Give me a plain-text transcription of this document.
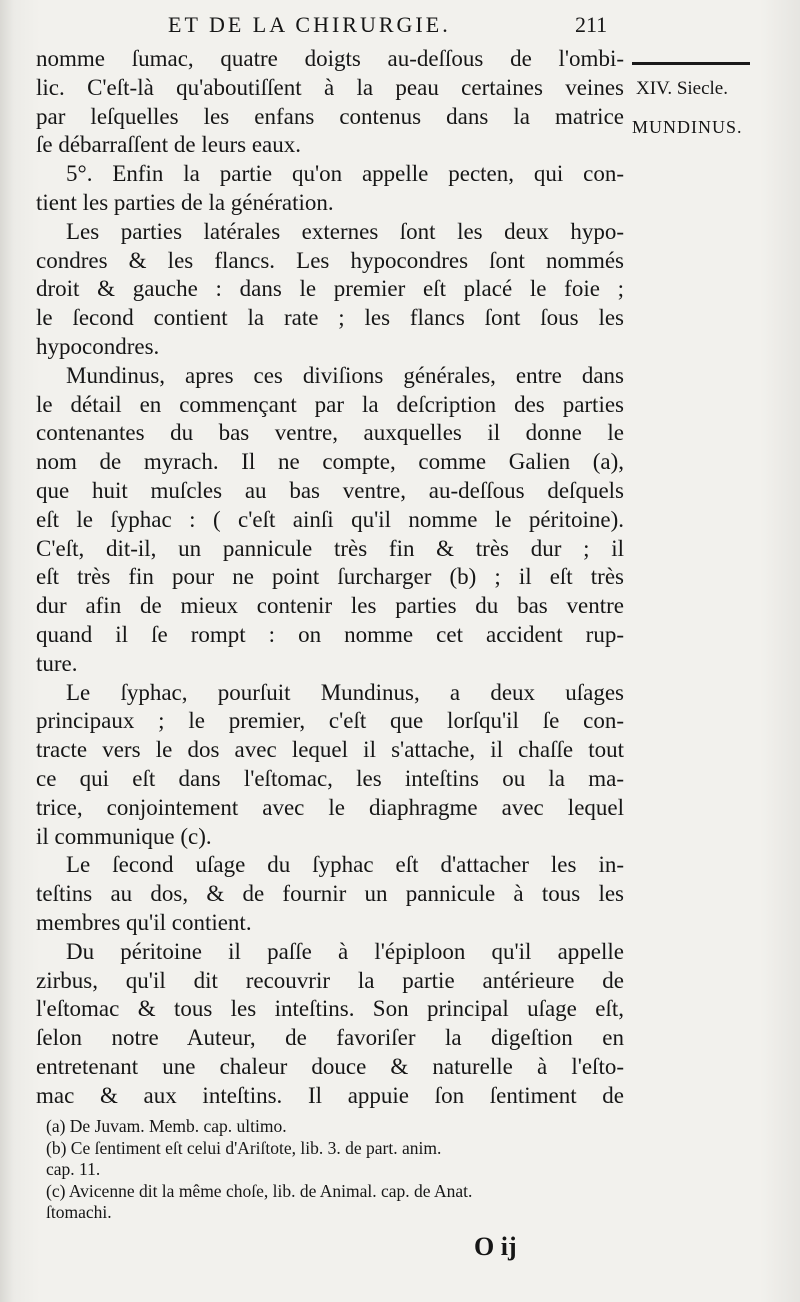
ET DE LA CHIRURGIE.	211
XIV. Siecle.
MUNDINUS.
nomme ſumac, quatre doigts au-deſſous de l'ombi-
lic. C'eſt-là qu'aboutiſſent à la peau certaines veines
par leſquelles les enfans contenus dans la matrice
ſe débarraſſent de leurs eaux.
5°. Enfin la partie qu'on appelle pecten, qui con-
tient les parties de la génération.
Les parties latérales externes ſont les deux hypo-
condres & les flancs. Les hypocondres ſont nommés
droit & gauche : dans le premier eſt placé le foie ;
le ſecond contient la rate ; les flancs ſont ſous les
hypocondres.
Mundinus, apres ces diviſions générales, entre dans
le détail en commençant par la deſcription des parties
contenantes du bas ventre, auxquelles il donne le
nom de myrach. Il ne compte, comme Galien (a),
que huit muſcles au bas ventre, au-deſſous deſquels
eſt le ſyphac : ( c'eſt ainſi qu'il nomme le péritoine).
C'eſt, dit-il, un pannicule très fin & très dur ; il
eſt très fin pour ne point ſurcharger (b) ; il eſt très
dur afin de mieux contenir les parties du bas ventre
quand il ſe rompt : on nomme cet accident rup-
ture.
Le ſyphac, pourſuit Mundinus, a deux uſages
principaux ; le premier, c'eſt que lorſqu'il ſe con-
tracte vers le dos avec lequel il s'attache, il chaſſe tout
ce qui eſt dans l'eſtomac, les inteſtins ou la ma-
trice, conjointement avec le diaphragme avec lequel
il communique (c).
Le ſecond uſage du ſyphac eſt d'attacher les in-
teſtins au dos, & de fournir un pannicule à tous les
membres qu'il contient.
Du péritoine il paſſe à l'épiploon qu'il appelle
zirbus, qu'il dit recouvrir la partie antérieure de
l'eſtomac & tous les inteſtins. Son principal uſage eſt,
ſelon notre Auteur, de favoriſer la digeſtion en
entretenant une chaleur douce & naturelle à l'eſto-
mac & aux inteſtins. Il appuie ſon ſentiment de
(a) De Juvam. Memb. cap. ultimo.
(b) Ce ſentiment eſt celui d'Ariſtote, lib. 3. de part. anim.
cap. 11.
(c) Avicenne dit la même choſe, lib. de Animal. cap. de Anat.
ſtomachi.
O ij
